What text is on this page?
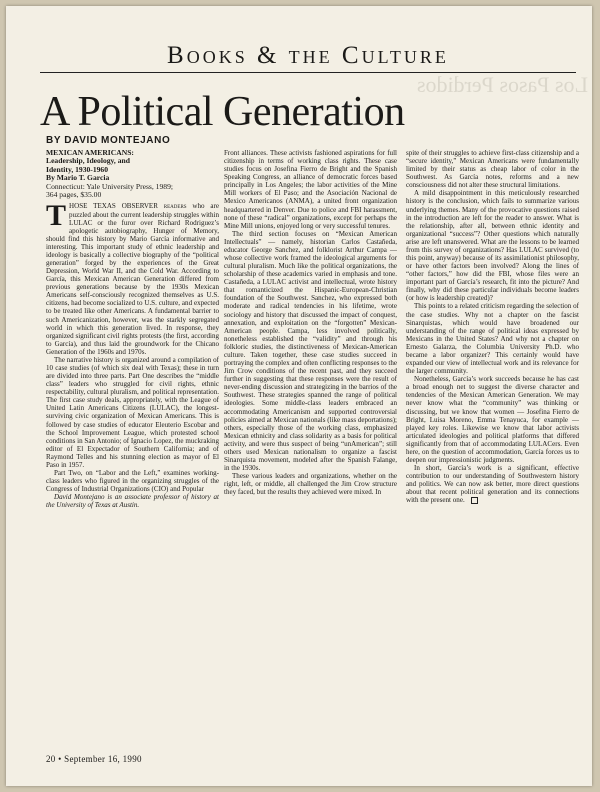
Books & the Culture
Los Pasos Perdidos
A Political Generation
BY DAVID MONTEJANO
MEXICAN AMERICANS:
Leadership, Ideology, and
Identity, 1930-1960
By Mario T. Garcia
Connecticut: Yale University Press, 1989;
364 pages, $35.00

THOSE TEXAS OBSERVER readers who are puzzled about the current leadership struggles within LULAC or the furor over Richard Rodriguez’s apologetic autobiography, Hunger of Memory, should find this history by Mario García informative and interesting. This important study of ethnic leadership and ideology is basically a collective biography of the “political generation” forged by the experiences of the Great Depression, World War II, and the Cold War. According to García, this Mexican American Generation differed from previous generations because by the 1930s Mexican Americans self-consciously recognized themselves as U.S. citizens, had become socialized to U.S. culture, and expected to be treated like other Americans. A fundamental barrier to such Americanization, however, was the starkly segregated world in which this generation lived. In response, they organized significant civil rights protests (the first, according to García), and thus laid the groundwork for the Chicano Generation of the 1960s and 1970s.

The narrative history is organized around a compilation of 10 case studies (of which six deal with Texas); these in turn are divided into three parts. Part One describes the “middle class” leaders who struggled for civil rights, ethnic respectability, cultural pluralism, and political representation. The first case study deals, appropriately, with the League of United Latin Americans Citizens (LULAC), the longest-surviving civic organization of Mexican Americans. This is followed by case studies of educator Eleuterio Escobar and the School Improvement League, which protested school conditions in San Antonio; of Ignacio Lopez, the muckraking editor of El Expectador of Southern California; and of Raymond Telles and his stunning election as mayor of El Paso in 1957.

Part Two, on “Labor and the Left,” examines working-class leaders who figured in the organizing struggles of the Congress of Industrial Organizations (CIO) and Popular

David Montejano is an associate professor of history at the University of Texas at Austin.

Front alliances. These activists fashioned aspirations for full citizenship in terms of working class rights. These case studies focus on Josefina Fierro de Bright and the Spanish Speaking Congress, an alliance of democratic forces based principally in Los Angeles; the labor activities of the Mine Mill workers of El Paso; and the Asociación Nacional de Mexico Americanos (ANMA), a united front organization headquartered in Denver. Due to police and FBI harassment, none of these “radical” organizations, except for perhaps the Mine Mill unions, enjoyed long or very successful tenures.

The third section focuses on “Mexican American Intellectuals” — namely, historian Carlos Castañeda, educator George Sanchez, and folklorist Arthur Campa — whose collective work framed the ideological arguments for cultural pluralism. Much like the political organizations, the scholarship of these academics varied in emphasis and tone. Castañeda, a LULAC activist and intellectual, wrote history that romanticized the Hispanic-European-Christian foundation of the Southwest. Sanchez, who expressed both moderate and radical tendencies in his lifetime, wrote sociology and history that discussed the impact of conquest, annexation, and exploitation on the “forgotten” Mexican-American people. Campa, less involved politically, nonetheless established the “validity” and through his folkloric studies, the distinctiveness of Mexican-American culture. Taken together, these case studies succeed in portraying the complex and often conflicting responses to the Jim Crow conditions of the recent past, and they succeed further in suggesting that these responses were the result of never-ending discussion and strategizing in the barrios of the Southwest. These strategies spanned the range of political ideologies. Some middle-class leaders embraced an accommodating Americanism and supported controversial policies aimed at Mexican nationals (like mass deportations); others, especially those of the working class, emphasized Mexican ethnicity and class solidarity as a basis for political activity, and were thus suspect of being “unAmerican”; still others used Mexican nationalism to organize a fascist Sinarquista movement, modeled after the Spanish Falange, in the 1930s.

These various leaders and organizations, whether on the right, left, or middle, all challenged the Jim Crow structure they faced, but the results they achieved were mixed. In

spite of their struggles to achieve first-class citizenship and a “secure identity,” Mexican Americans were fundamentally limited by their status as cheap labor of color in the Southwest. As García notes, reforms and a new consciousness did not alter these structural limitations.

A mild disappointment in this meticulously researched history is the conclusion, which fails to summarize various underlying themes. Many of the provocative questions raised in the introduction are left for the reader to answer. What is the relationship, after all, between ethnic identity and organizational “success”? Other questions which naturally arise are left unanswered. What are the lessons to be learned from this survey of organizations? Has LULAC survived (to this point, anyway) because of its assimilationist philosophy, or have other factors been involved? Along the lines of “other factors,” how did the FBI, whose files were an important part of García’s research, fit into the picture? And finally, why did these particular individuals become leaders (or how is leadership created)?

This points to a related criticism regarding the selection of the case studies. Why not a chapter on the fascist Sinarquistas, which would have broadened our understanding of the range of political ideas expressed by Mexicans in the United States? And why not a chapter on Ernesto Galarza, the Columbia University Ph.D. who became a labor organizer? This certainly would have expanded our view of intellectual work and its relevance for the larger community.

Nonetheless, García’s work succeeds because he has cast a broad enough net to suggest the diverse character and tendencies of the Mexican American Generation. We may never know what the “community” was thinking or discussing, but we know that women — Josefina Fierro de Bright, Luisa Moreno, Emma Tenayuca, for example — played key roles. Likewise we know that labor activists articulated ideologies and political platforms that differed significantly from that of accommodating LULACers. Even here, on the question of accommodation, García forces us to deepen our impressionistic judgments.

In short, García’s work is a significant, effective contribution to our understanding of Southwestern history and politics. We can now ask better, more direct questions about that recent political generation and its connections with the present one.

20 • September 16, 1990
